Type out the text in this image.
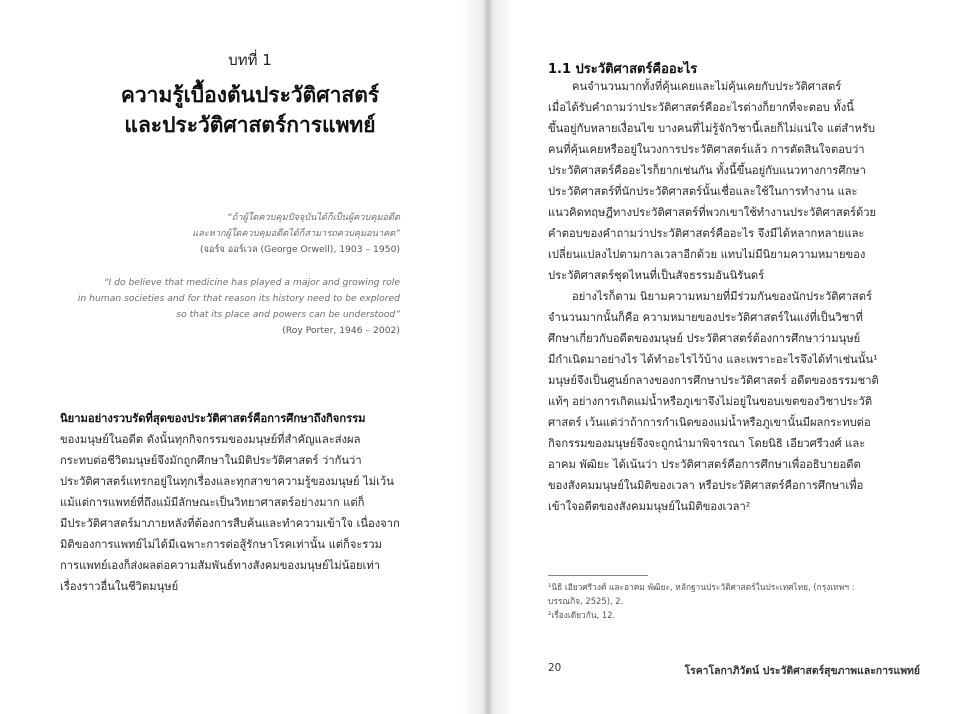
บทที่ 1
ความรู้เบื้องต้นประวัติศาสตร์
และประวัติศาสตร์การแพทย์
“ถ้าผู้ใดควบคุมปัจจุบันได้ก็เป็นผู้ควบคุมอดีต
และหากผู้ใดควบคุมอดีตได้ก็สามารถควบคุมอนาคต”
(จอร์จ ออร์เวล (George Orwell), 1903 – 1950)
“I do believe that medicine has played a major and growing role
in human societies and for that reason its history need to be explored
so that its place and powers can be understood”
(Roy Porter, 1946 – 2002)
นิยามอย่างรวบรัดที่สุดของประวัติศาสตร์คือการศึกษาถึงกิจกรรม
ของมนุษย์ในอดีต ดังนั้นทุกกิจกรรมของมนุษย์ที่สำคัญและส่งผล
กระทบต่อชีวิตมนุษย์จึงมักถูกศึกษาในมิติประวัติศาสตร์ ว่ากันว่า
ประวัติศาสตร์แทรกอยู่ในทุกเรื่องและทุกสาขาความรู้ของมนุษย์ ไม่เว้น
แม้แต่การแพทย์ที่ถึงแม้มีลักษณะเป็นวิทยาศาสตร์อย่างมาก แต่ก็
มีประวัติศาสตร์มาภายหลังที่ต้องการสืบค้นและทำความเข้าใจ เนื่องจาก
มิติของการแพทย์ไม่ได้มีเฉพาะการต่อสู้รักษาโรคเท่านั้น แต่ก็จะรวม
การแพทย์เองก็ส่งผลต่อความสัมพันธ์ทางสังคมของมนุษย์ไม่น้อยเท่า
เรื่องราวอื่นในชีวิตมนุษย์
1.1 ประวัติศาสตร์คืออะไร
คนจำนวนมากทั้งที่คุ้นเคยและไม่คุ้นเคยกับประวัติศาสตร์
เมื่อได้รับคำถามว่าประวัติศาสตร์คืออะไรต่างก็ยากที่จะตอบ ทั้งนี้
ขึ้นอยู่กับหลายเงื่อนไข บางคนที่ไม่รู้จักวิชานี้เลยก็ไม่แน่ใจ แต่สำหรับ
คนที่คุ้นเคยหรืออยู่ในวงการประวัติศาสตร์แล้ว การตัดสินใจตอบว่า
ประวัติศาสตร์คืออะไรก็ยากเช่นกัน ทั้งนี้ขึ้นอยู่กับแนวทางการศึกษา
ประวัติศาสตร์ที่นักประวัติศาสตร์นั้นเชื่อและใช้ในการทำงาน และ
แนวคิดทฤษฎีทางประวัติศาสตร์ที่พวกเขาใช้ทำงานประวัติศาสตร์ด้วย
คำตอบของคำถามว่าประวัติศาสตร์คืออะไร จึงมีได้หลากหลายและ
เปลี่ยนแปลงไปตามกาลเวลาอีกด้วย แทบไม่มีนิยามความหมายของ
ประวัติศาสตร์ชุดไหนที่เป็นสัจธรรมอันนิรันดร์
อย่างไรก็ตาม นิยามความหมายที่มีร่วมกันของนักประวัติศาสตร์
จำนวนมากนั้นก็คือ ความหมายของประวัติศาสตร์ในแง่ที่เป็นวิชาที่
ศึกษาเกี่ยวกับอดีตของมนุษย์ ประวัติศาสตร์ต้องการศึกษาว่ามนุษย์
มีกำเนิดมาอย่างไร ได้ทำอะไรไว้บ้าง และเพราะอะไรจึงได้ทำเช่นนั้น¹
มนุษย์จึงเป็นศูนย์กลางของการศึกษาประวัติศาสตร์ อดีตของธรรมชาติ
แท้ๆ อย่างการเกิดแม่น้ำหรือภูเขาจึงไม่อยู่ในขอบเขตของวิชาประวัติ
ศาสตร์ เว้นแต่ว่าถ้าการกำเนิดของแม่น้ำหรือภูเขานั้นมีผลกระทบต่อ
กิจกรรมของมนุษย์จึงจะถูกนำมาพิจารณา โดยนิธิ เอียวศรีวงศ์ และ
อาคม พัฒิยะ ได้เน้นว่า ประวัติศาสตร์คือการศึกษาเพื่ออธิบายอดีต
ของสังคมมนุษย์ในมิติของเวลา หรือประวัติศาสตร์คือการศึกษาเพื่อ
เข้าใจอดีตของสังคมมนุษย์ในมิติของเวลา²
¹นิธิ เอียวศรีวงศ์ และอาคม พัฒิยะ, หลักฐานประวัติศาสตร์ในประเทศไทย, (กรุงเทพฯ :
บรรณกิจ, 2525), 2.
²เรื่องเดียวกัน, 12.
20	โรคาโลกาภิวัตน์ ประวัติศาสตร์สุขภาพและการแพทย์
